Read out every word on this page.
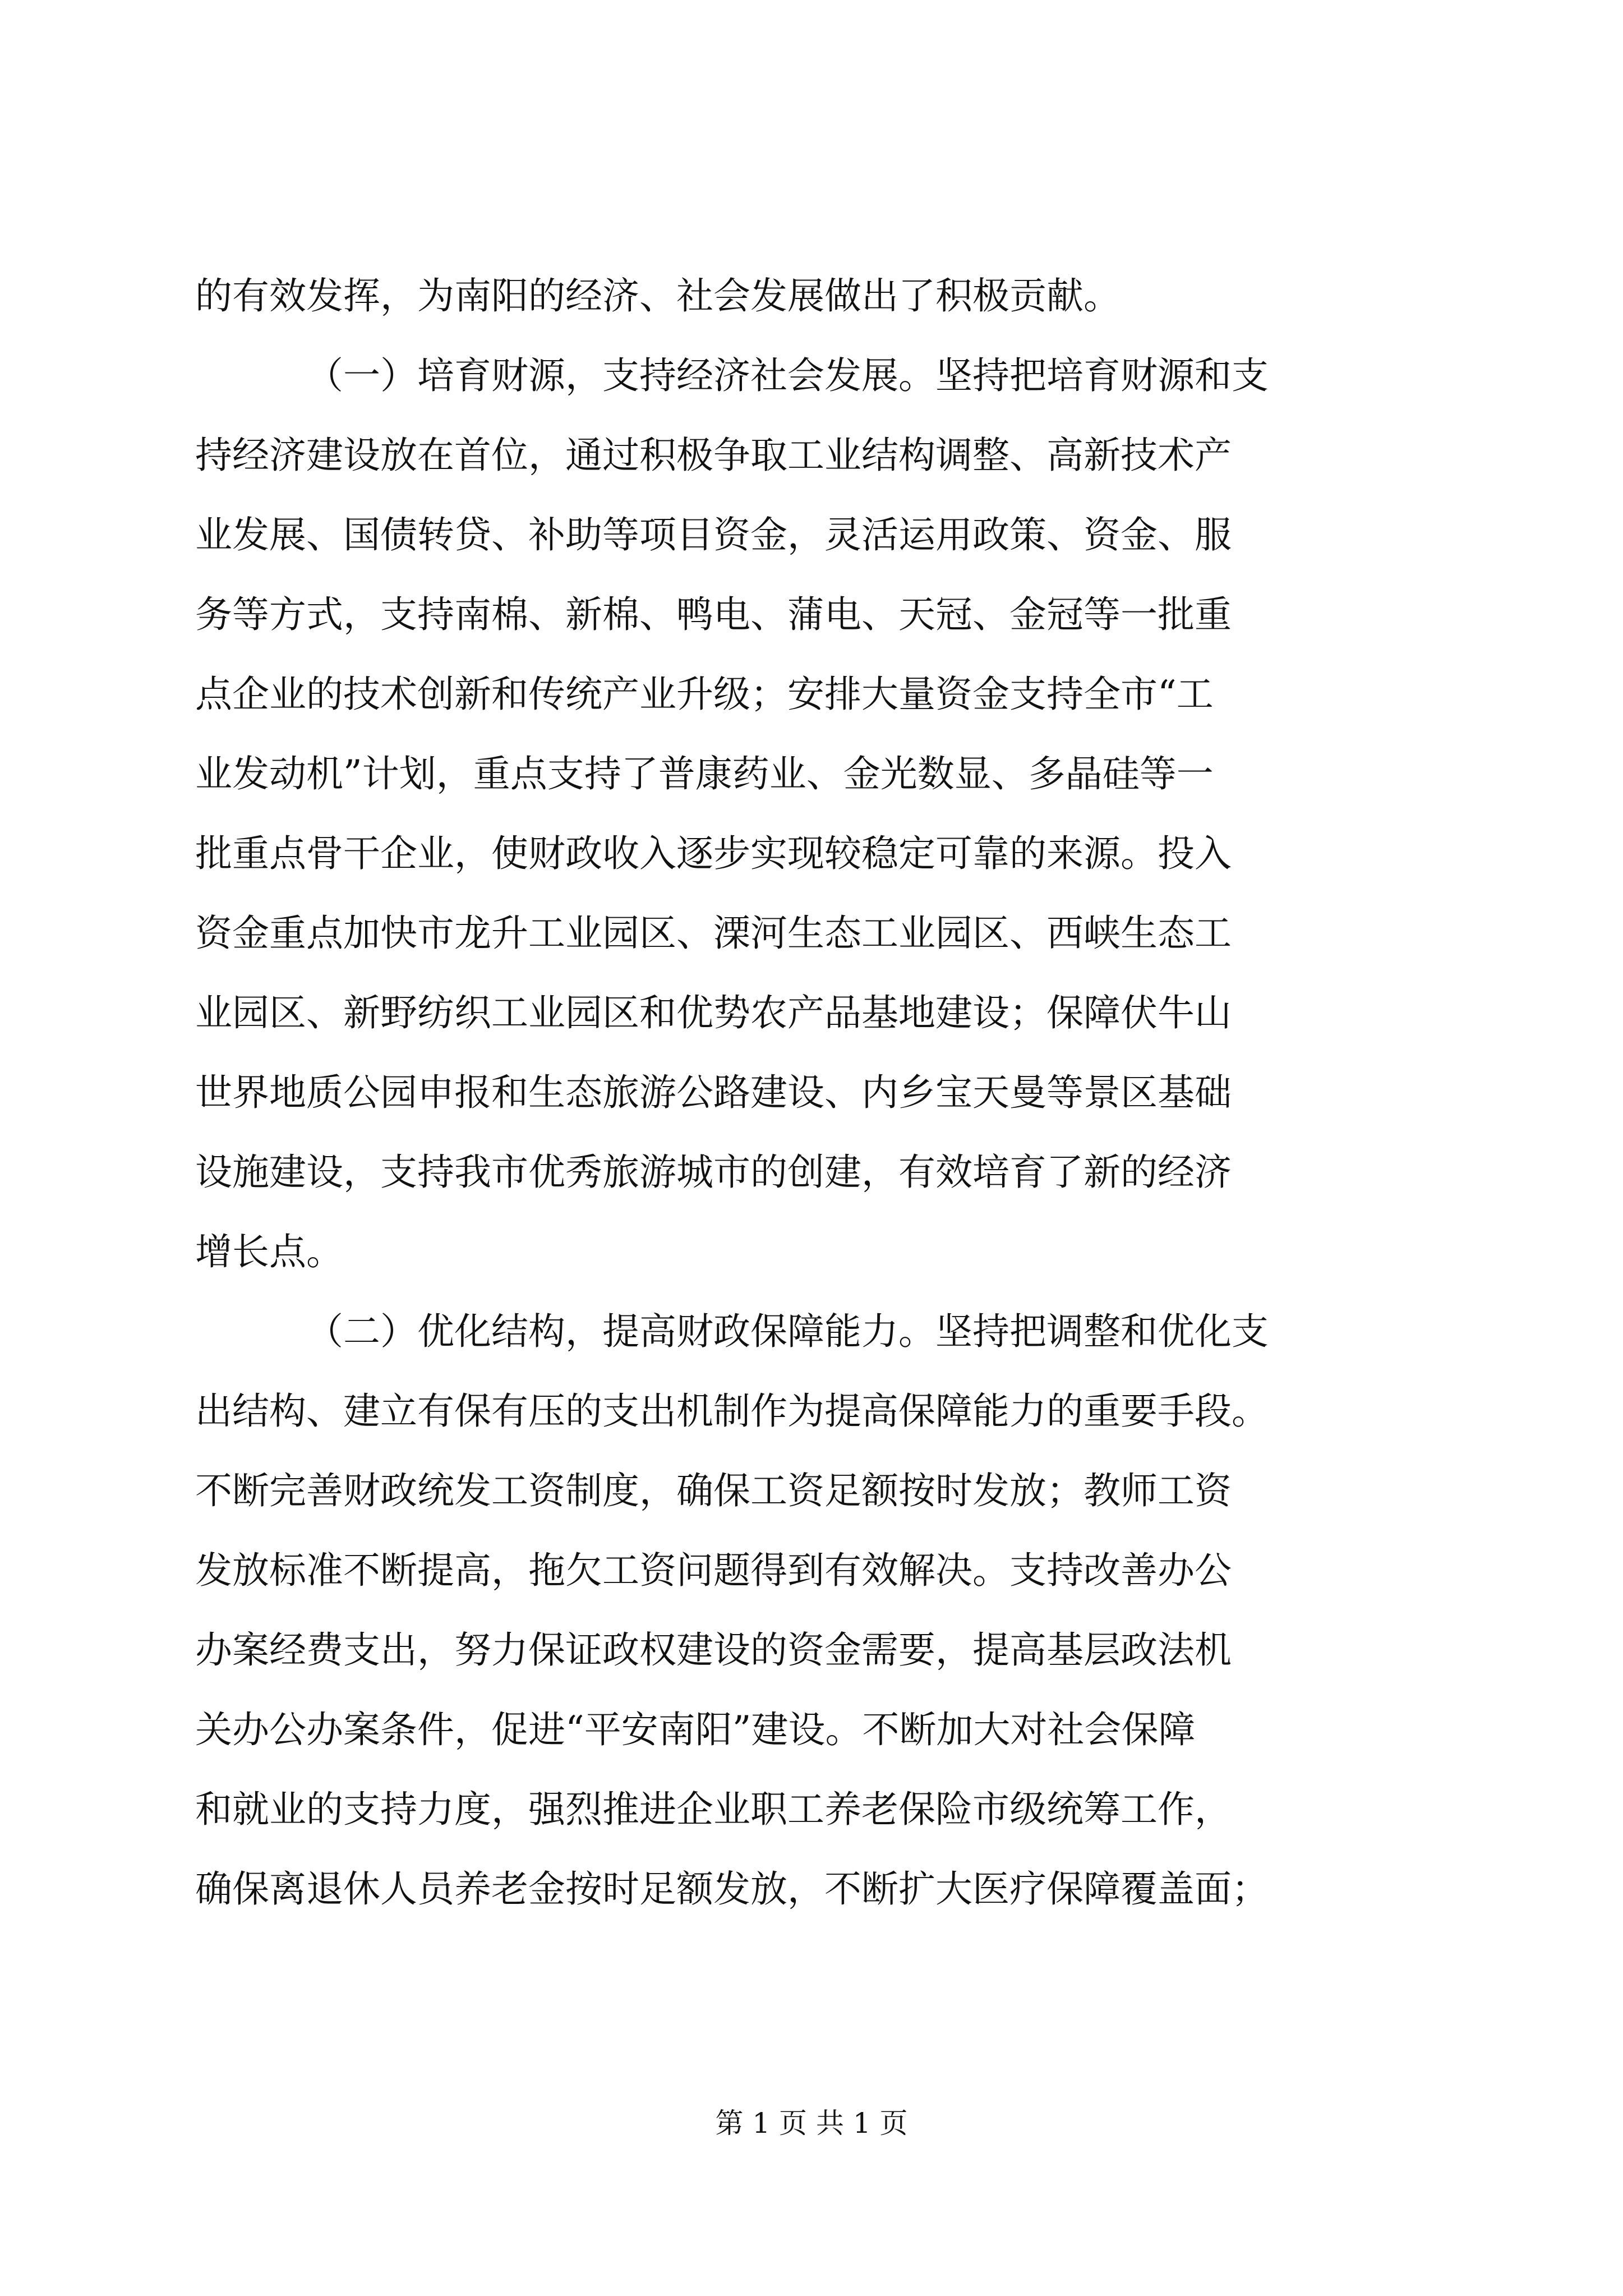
的有效发挥，为南阳的经济、社会发展做出了积极贡献。
（一）培育财源，支持经济社会发展。坚持把培育财源和支
持经济建设放在首位，通过积极争取工业结构调整、高新技术产
业发展、国债转贷、补助等项目资金，灵活运用政策、资金、服
务等方式，支持南棉、新棉、鸭电、蒲电、天冠、金冠等一批重
点企业的技术创新和传统产业升级；安排大量资金支持全市“工
业发动机”计划，重点支持了普康药业、金光数显、多晶硅等一
批重点骨干企业，使财政收入逐步实现较稳定可靠的来源。投入
资金重点加快市龙升工业园区、溧河生态工业园区、西峡生态工
业园区、新野纺织工业园区和优势农产品基地建设；保障伏牛山
世界地质公园申报和生态旅游公路建设、内乡宝天曼等景区基础
设施建设，支持我市优秀旅游城市的创建，有效培育了新的经济
增长点。
（二）优化结构，提高财政保障能力。坚持把调整和优化支
出结构、建立有保有压的支出机制作为提高保障能力的重要手段。
不断完善财政统发工资制度，确保工资足额按时发放；教师工资
发放标准不断提高，拖欠工资问题得到有效解决。支持改善办公
办案经费支出，努力保证政权建设的资金需要，提高基层政法机
关办公办案条件，促进“平安南阳”建设。不断加大对社会保障
和就业的支持力度，强烈推进企业职工养老保险市级统筹工作，
确保离退休人员养老金按时足额发放，不断扩大医疗保障覆盖面；
第 1 页 共 1 页
